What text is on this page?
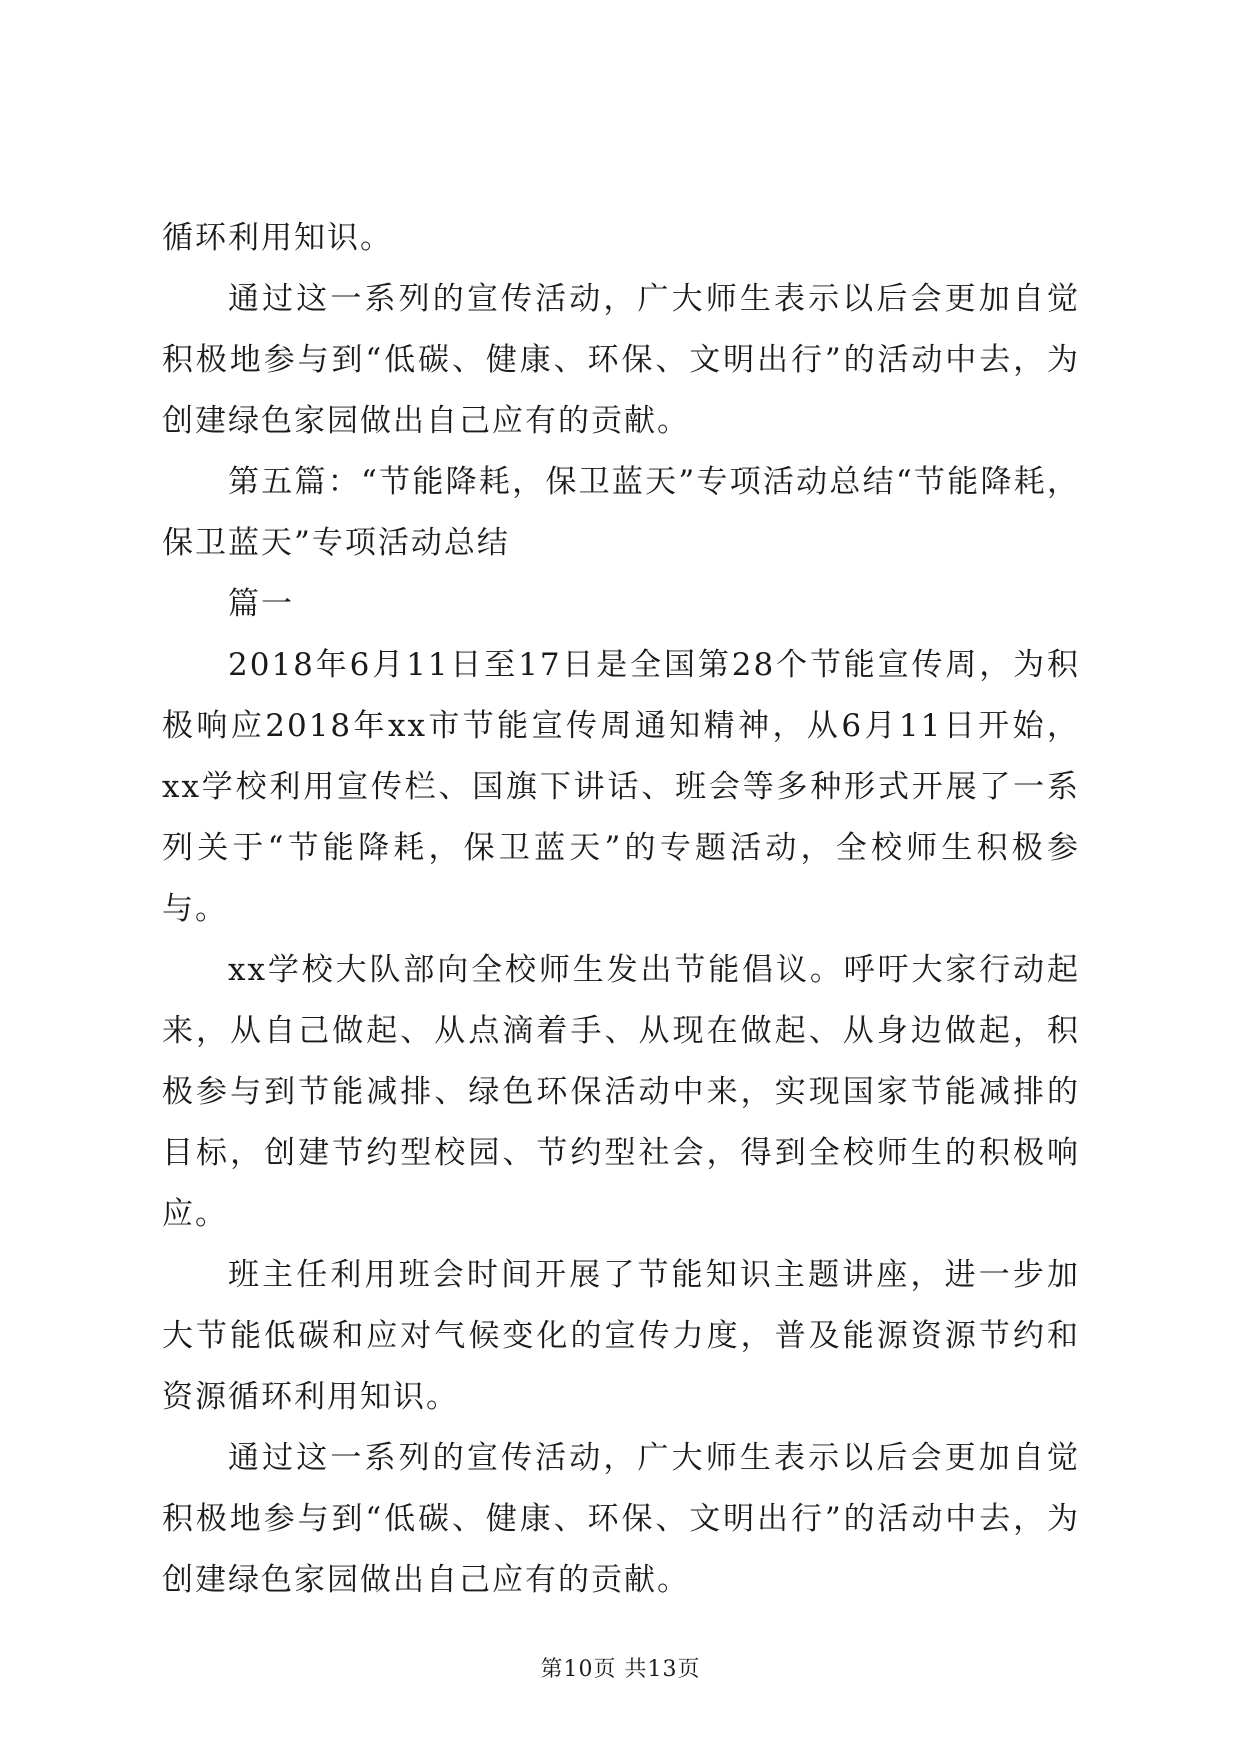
循环利用知识。

通过这一系列的宣传活动，广大师生表示以后会更加自觉积极地参与到“低碳、健康、环保、文明出行”的活动中去，为创建绿色家园做出自己应有的贡献。

第五篇：“节能降耗，保卫蓝天”专项活动总结“节能降耗，保卫蓝天”专项活动总结

篇一

2018年6月11日至17日是全国第28个节能宣传周，为积极响应2018年xx市节能宣传周通知精神，从6月11日开始，xx学校利用宣传栏、国旗下讲话、班会等多种形式开展了一系列关于“节能降耗，保卫蓝天”的专题活动，全校师生积极参与。

xx学校大队部向全校师生发出节能倡议。呼吁大家行动起来，从自己做起、从点滴着手、从现在做起、从身边做起，积极参与到节能减排、绿色环保活动中来，实现国家节能减排的目标，创建节约型校园、节约型社会，得到全校师生的积极响应。

班主任利用班会时间开展了节能知识主题讲座，进一步加大节能低碳和应对气候变化的宣传力度，普及能源资源节约和资源循环利用知识。

通过这一系列的宣传活动，广大师生表示以后会更加自觉积极地参与到“低碳、健康、环保、文明出行”的活动中去，为创建绿色家园做出自己应有的贡献。

第10页 共13页
